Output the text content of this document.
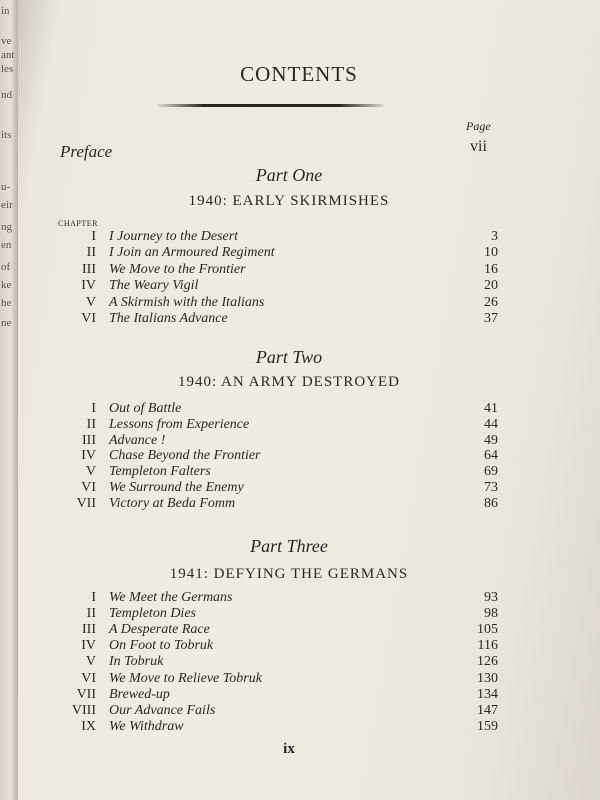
in
ve
ant
les
nd
its
u-
eir
ng
en
of
ke
he
ne
CONTENTS
Page
Preface	vii
Part One
1940: EARLY SKIRMISHES
CHAPTER
I I Journey to the Desert	3
II I Join an Armoured Regiment	10
III We Move to the Frontier	16
IV The Weary Vigil	20
V A Skirmish with the Italians	26
VI The Italians Advance	37
Part Two
1940: AN ARMY DESTROYED
I Out of Battle	41
II Lessons from Experience	44
III Advance !	49
IV Chase Beyond the Frontier	64
V Templeton Falters	69
VI We Surround the Enemy	73
VII Victory at Beda Fomm	86
Part Three
1941: DEFYING THE GERMANS
I We Meet the Germans	93
II Templeton Dies	98
III A Desperate Race	105
IV On Foot to Tobruk	116
V In Tobruk	126
VI We Move to Relieve Tobruk	130
VII Brewed-up	134
VIII Our Advance Fails	147
IX We Withdraw	159
ix
